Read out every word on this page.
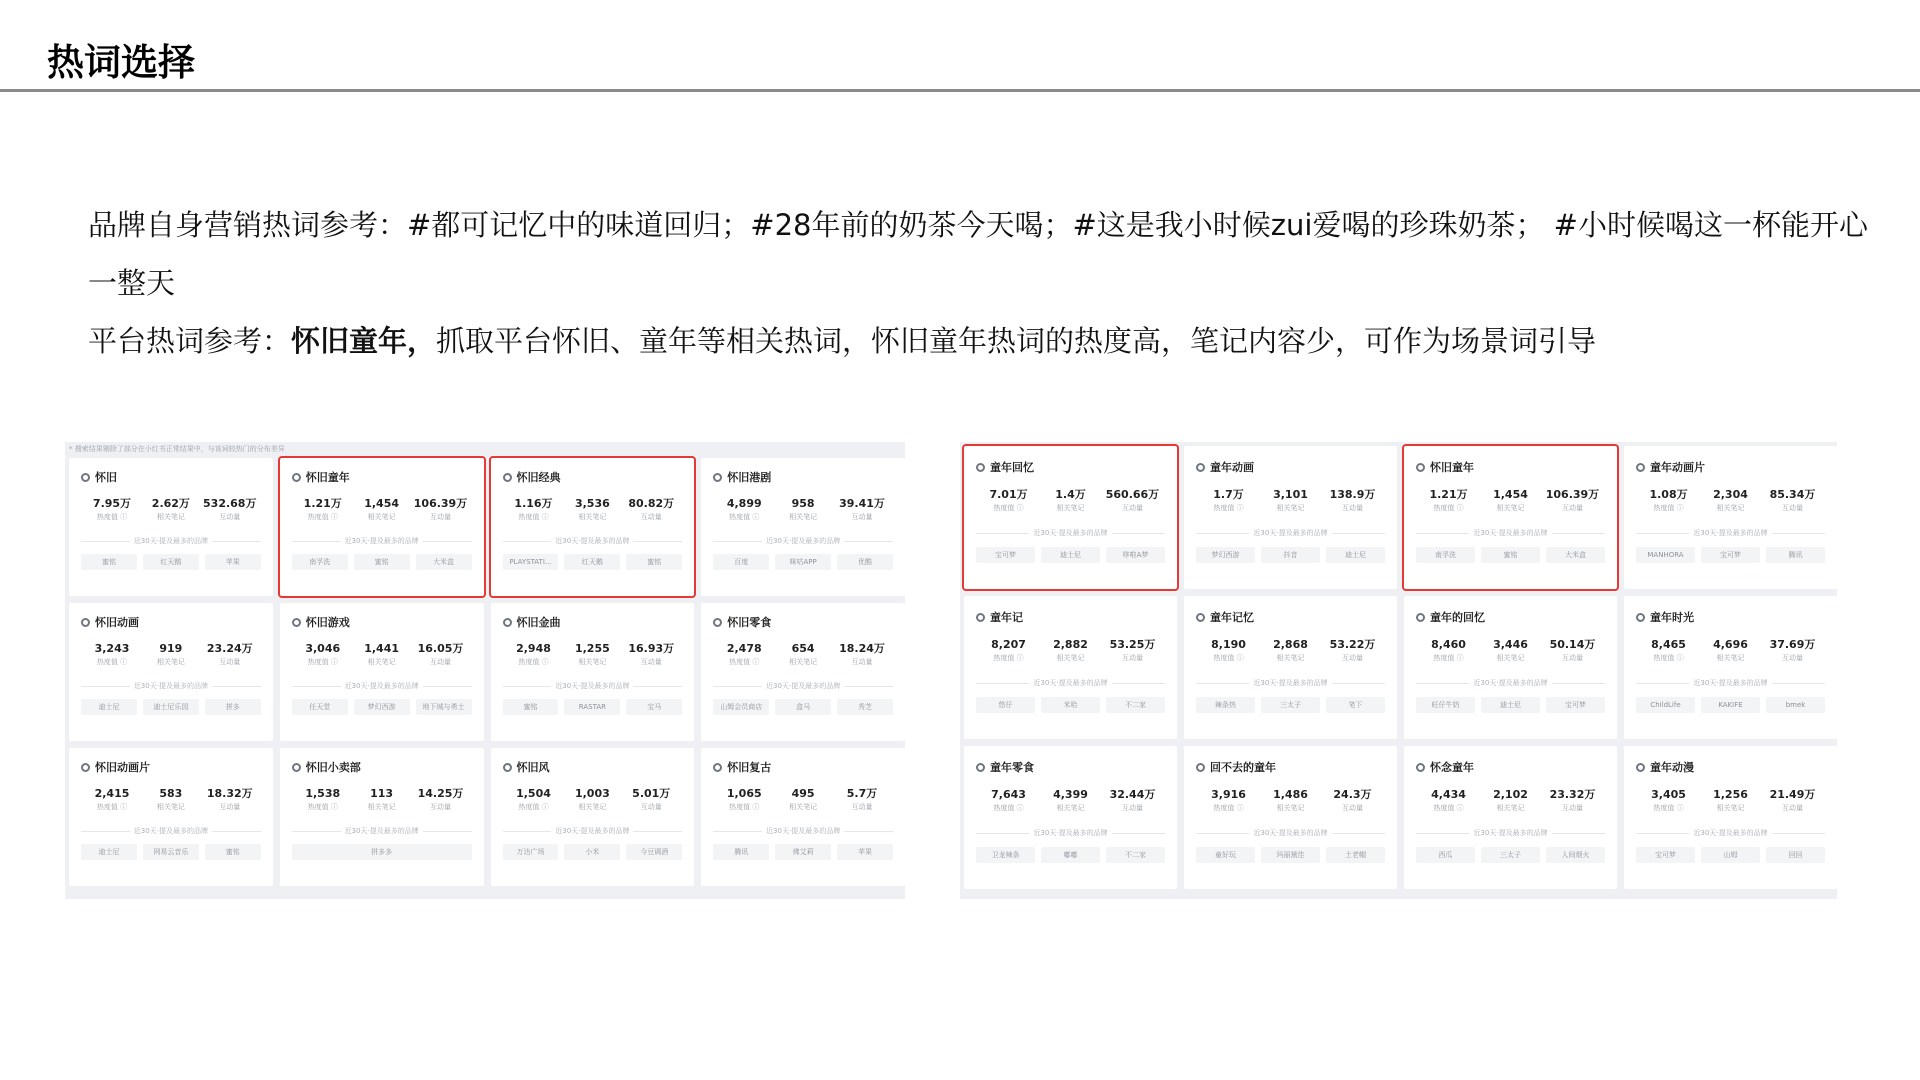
热词选择

品牌自身营销热词参考：#都可记忆中的味道回归；#28年前的奶茶今天喝；#这是我小时候zui爱喝的珍珠奶茶； #小时候喝这一杯能开心一整天

平台热词参考：怀旧童年，抓取平台怀旧、童年等相关热词，怀旧童年热词的热度高，笔记内容少，可作为场景词引导

* 搜索结果剔除了部分在小红书正常结果中，与该词较热门的分布差异
怀旧
7.95万
热度值 ⓘ
2.62万
相关笔记
532.68万
互动量
近30天·提及最多的品牌
蜜铭	红天鹅	苹果
怀旧童年
1.21万
热度值 ⓘ
1,454
相关笔记
106.39万
互动量
近30天·提及最多的品牌
南孚洗	蜜铭	大米盒
怀旧经典
1.16万
热度值 ⓘ
3,536
相关笔记
80.82万
互动量
近30天·提及最多的品牌
PLAYSTATI...	红天鹅	蜜铭
怀旧港剧
4,899
热度值 ⓘ
958
相关笔记
39.41万
互动量
近30天·提及最多的品牌
百度	咪咕APP	优酷
怀旧动画
3,243
热度值 ⓘ
919
相关笔记
23.24万
互动量
近30天·提及最多的品牌
迪士尼	迪士尼乐园	拼多
怀旧游戏
3,046
热度值 ⓘ
1,441
相关笔记
16.05万
互动量
近30天·提及最多的品牌
任天堂	梦幻西游	地下城与勇士
怀旧金曲
2,948
热度值 ⓘ
1,255
相关笔记
16.93万
互动量
近30天·提及最多的品牌
蜜铭	RASTAR	宝马
怀旧零食
2,478
热度值 ⓘ
654
相关笔记
18.24万
互动量
近30天·提及最多的品牌
山姆会员商店	盒马	秀芝
怀旧动画片
2,415
热度值 ⓘ
583
相关笔记
18.32万
互动量
近30天·提及最多的品牌
迪士尼	网易云音乐	蜜铭
怀旧小卖部
1,538
热度值 ⓘ
113
相关笔记
14.25万
互动量
近30天·提及最多的品牌
拼多多
怀旧风
1,504
热度值 ⓘ
1,003
相关笔记
5.01万
互动量
近30天·提及最多的品牌
万达广场	小米	今豆调酒
怀旧复古
1,065
热度值 ⓘ
495
相关笔记
5.7万
互动量
近30天·提及最多的品牌
腾讯	佛艾莉	苹果
童年回忆
7.01万
热度值 ⓘ
1.4万
相关笔记
560.66万
互动量
近30天·提及最多的品牌
宝可梦	迪士尼	哆啦A梦
童年动画
1.7万
热度值 ⓘ
3,101
相关笔记
138.9万
互动量
近30天·提及最多的品牌
梦幻西游	抖音	迪士尼
怀旧童年
1.21万
热度值 ⓘ
1,454
相关笔记
106.39万
互动量
近30天·提及最多的品牌
南孚洗	蜜铭	大米盒
童年动画片
1.08万
热度值 ⓘ
2,304
相关笔记
85.34万
互动量
近30天·提及最多的品牌
MANHORA	宝可梦	腾讯
童年记
8,207
热度值 ⓘ
2,882
相关笔记
53.25万
互动量
近30天·提及最多的品牌
悠仔	米哈	不二家
童年记忆
8,190
热度值 ⓘ
2,868
相关笔记
53.22万
互动量
近30天·提及最多的品牌
辣条热	三太子	笔下
童年的回忆
8,460
热度值 ⓘ
3,446
相关笔记
50.14万
互动量
近30天·提及最多的品牌
旺仔牛奶	迪士尼	宝可梦
童年时光
8,465
热度值 ⓘ
4,696
相关笔记
37.69万
互动量
近30天·提及最多的品牌
ChildLife	KAKIFE	bmek
童年零食
7,643
热度值 ⓘ
4,399
相关笔记
32.44万
互动量
近30天·提及最多的品牌
卫龙辣条	嘟嘟	不二家
回不去的童年
3,916
热度值 ⓘ
1,486
相关笔记
24.3万
互动量
近30天·提及最多的品牌
童好玩	玛丽黛佳	土老帽
怀念童年
4,434
热度值 ⓘ
2,102
相关笔记
23.32万
互动量
近30天·提及最多的品牌
西瓜	三太子	人间烟火
童年动漫
3,405
热度值 ⓘ
1,256
相关笔记
21.49万
互动量
近30天·提及最多的品牌
宝可梦	山姆	回回
